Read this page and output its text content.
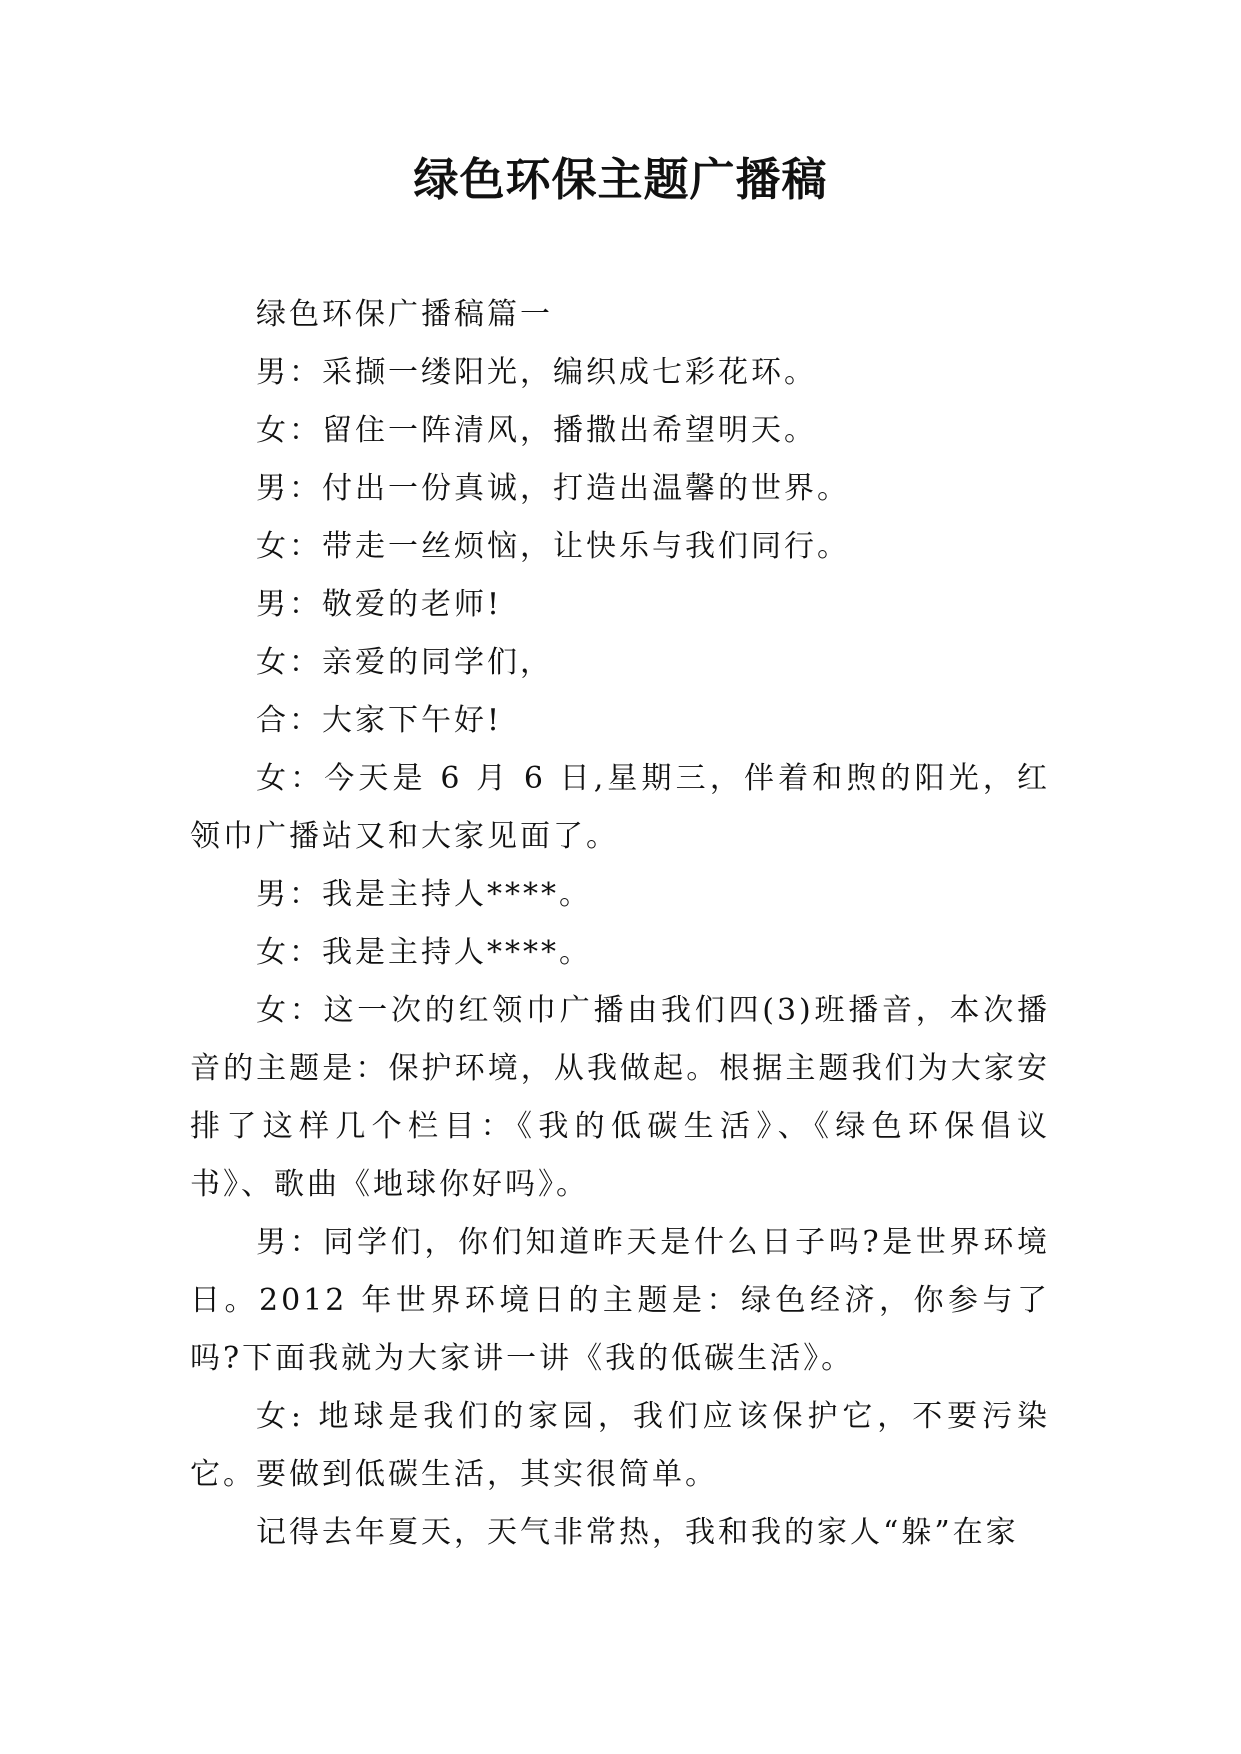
绿色环保主题广播稿

绿色环保广播稿篇一

男：采撷一缕阳光，编织成七彩花环。

女：留住一阵清风，播撒出希望明天。

男：付出一份真诚，打造出温馨的世界。

女：带走一丝烦恼，让快乐与我们同行。

男：敬爱的老师!

女：亲爱的同学们，

合：大家下午好!

女：今天是 6 月 6 日,星期三，伴着和煦的阳光，红领巾广播站又和大家见面了。

男：我是主持人****。

女：我是主持人****。

女：这一次的红领巾广播由我们四(3)班播音，本次播音的主题是：保护环境，从我做起。根据主题我们为大家安排了这样几个栏目：《我的低碳生活》、《绿色环保倡议书》、歌曲《地球你好吗》。

男：同学们，你们知道昨天是什么日子吗?是世界环境日。2012 年世界环境日的主题是：绿色经济，你参与了吗?下面我就为大家讲一讲《我的低碳生活》。

女: 地球是我们的家园，我们应该保护它，不要污染它。要做到低碳生活，其实很简单。

记得去年夏天，天气非常热，我和我的家人“躲”在家
